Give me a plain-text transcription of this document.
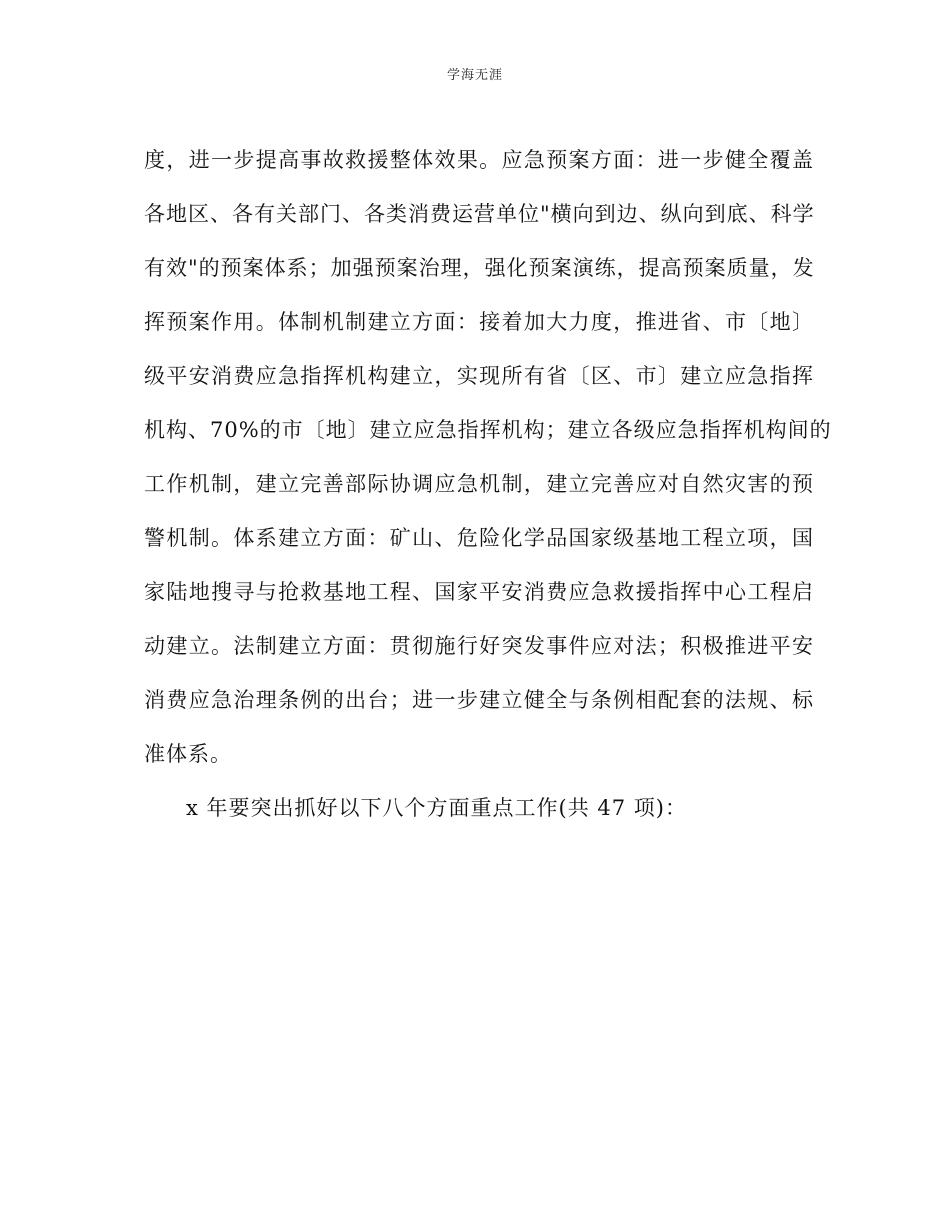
学海无涯
度，进一步提高事故救援整体效果。应急预案方面：进一步健全覆盖
各地区、各有关部门、各类消费运营单位"横向到边、纵向到底、科学
有效"的预案体系；加强预案治理，强化预案演练，提高预案质量，发
挥预案作用。体制机制建立方面：接着加大力度，推进省、市〔地〕
级平安消费应急指挥机构建立，实现所有省〔区、市〕建立应急指挥
机构、70%的市〔地〕建立应急指挥机构；建立各级应急指挥机构间的
工作机制，建立完善部际协调应急机制，建立完善应对自然灾害的预
警机制。体系建立方面：矿山、危险化学品国家级基地工程立项，国
家陆地搜寻与抢救基地工程、国家平安消费应急救援指挥中心工程启
动建立。法制建立方面：贯彻施行好突发事件应对法；积极推进平安
消费应急治理条例的出台；进一步建立健全与条例相配套的法规、标
准体系。
x 年要突出抓好以下八个方面重点工作(共 47 项)：
